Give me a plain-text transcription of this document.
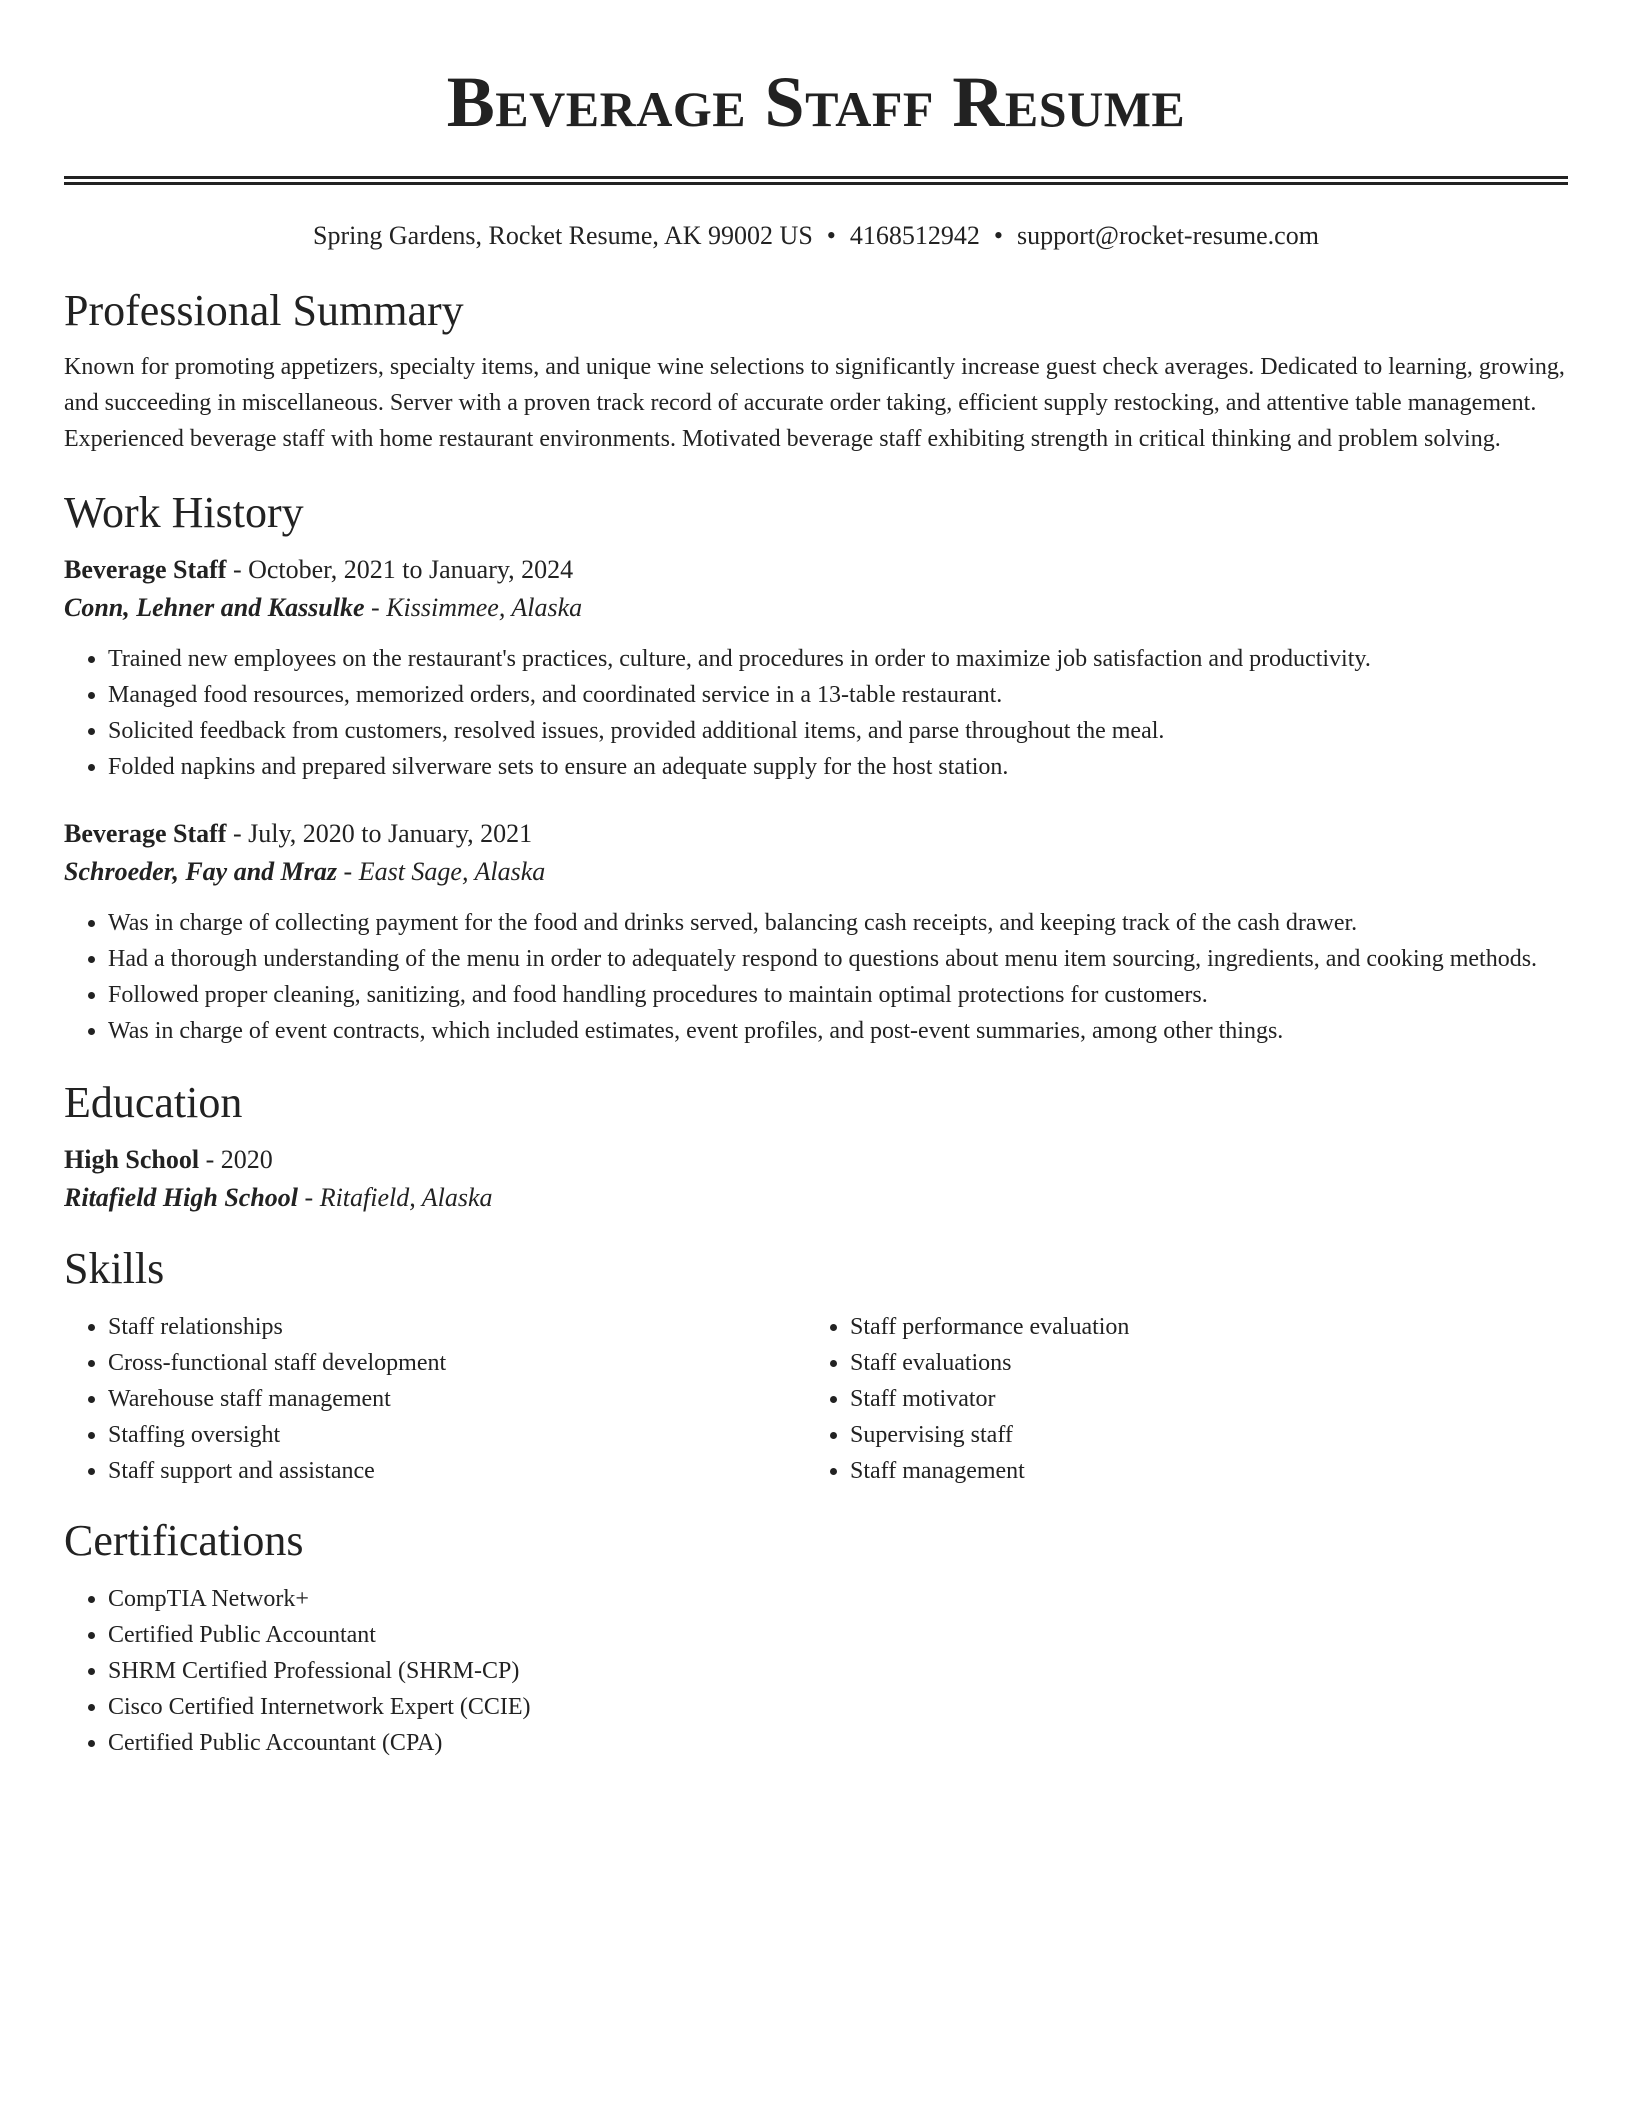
Beverage Staff Resume
Spring Gardens, Rocket Resume, AK 99002 US • 4168512942 • support@rocket-resume.com
Professional Summary

Known for promoting appetizers, specialty items, and unique wine selections to significantly increase guest check averages. Dedicated to learning, growing, and succeeding in miscellaneous. Server with a proven track record of accurate order taking, efficient supply restocking, and attentive table management. Experienced beverage staff with home restaurant environments. Motivated beverage staff exhibiting strength in critical thinking and problem solving.

Work History
Beverage Staff - October, 2021 to January, 2024
Conn, Lehner and Kassulke - Kissimmee, Alaska
• Trained new employees on the restaurant's practices, culture, and procedures in order to maximize job satisfaction and productivity.
• Managed food resources, memorized orders, and coordinated service in a 13-table restaurant.
• Solicited feedback from customers, resolved issues, provided additional items, and parse throughout the meal.
• Folded napkins and prepared silverware sets to ensure an adequate supply for the host station.
Beverage Staff - July, 2020 to January, 2021
Schroeder, Fay and Mraz - East Sage, Alaska
• Was in charge of collecting payment for the food and drinks served, balancing cash receipts, and keeping track of the cash drawer.
• Had a thorough understanding of the menu in order to adequately respond to questions about menu item sourcing, ingredients, and cooking methods.
• Followed proper cleaning, sanitizing, and food handling procedures to maintain optimal protections for customers.
• Was in charge of event contracts, which included estimates, event profiles, and post-event summaries, among other things.
Education
High School - 2020
Ritafield High School - Ritafield, Alaska
Skills
• Staff relationships
• Cross-functional staff development
• Warehouse staff management
• Staffing oversight
• Staff support and assistance
• Staff performance evaluation
• Staff evaluations
• Staff motivator
• Supervising staff
• Staff management
Certifications
• CompTIA Network+
• Certified Public Accountant
• SHRM Certified Professional (SHRM-CP)
• Cisco Certified Internetwork Expert (CCIE)
• Certified Public Accountant (CPA)
